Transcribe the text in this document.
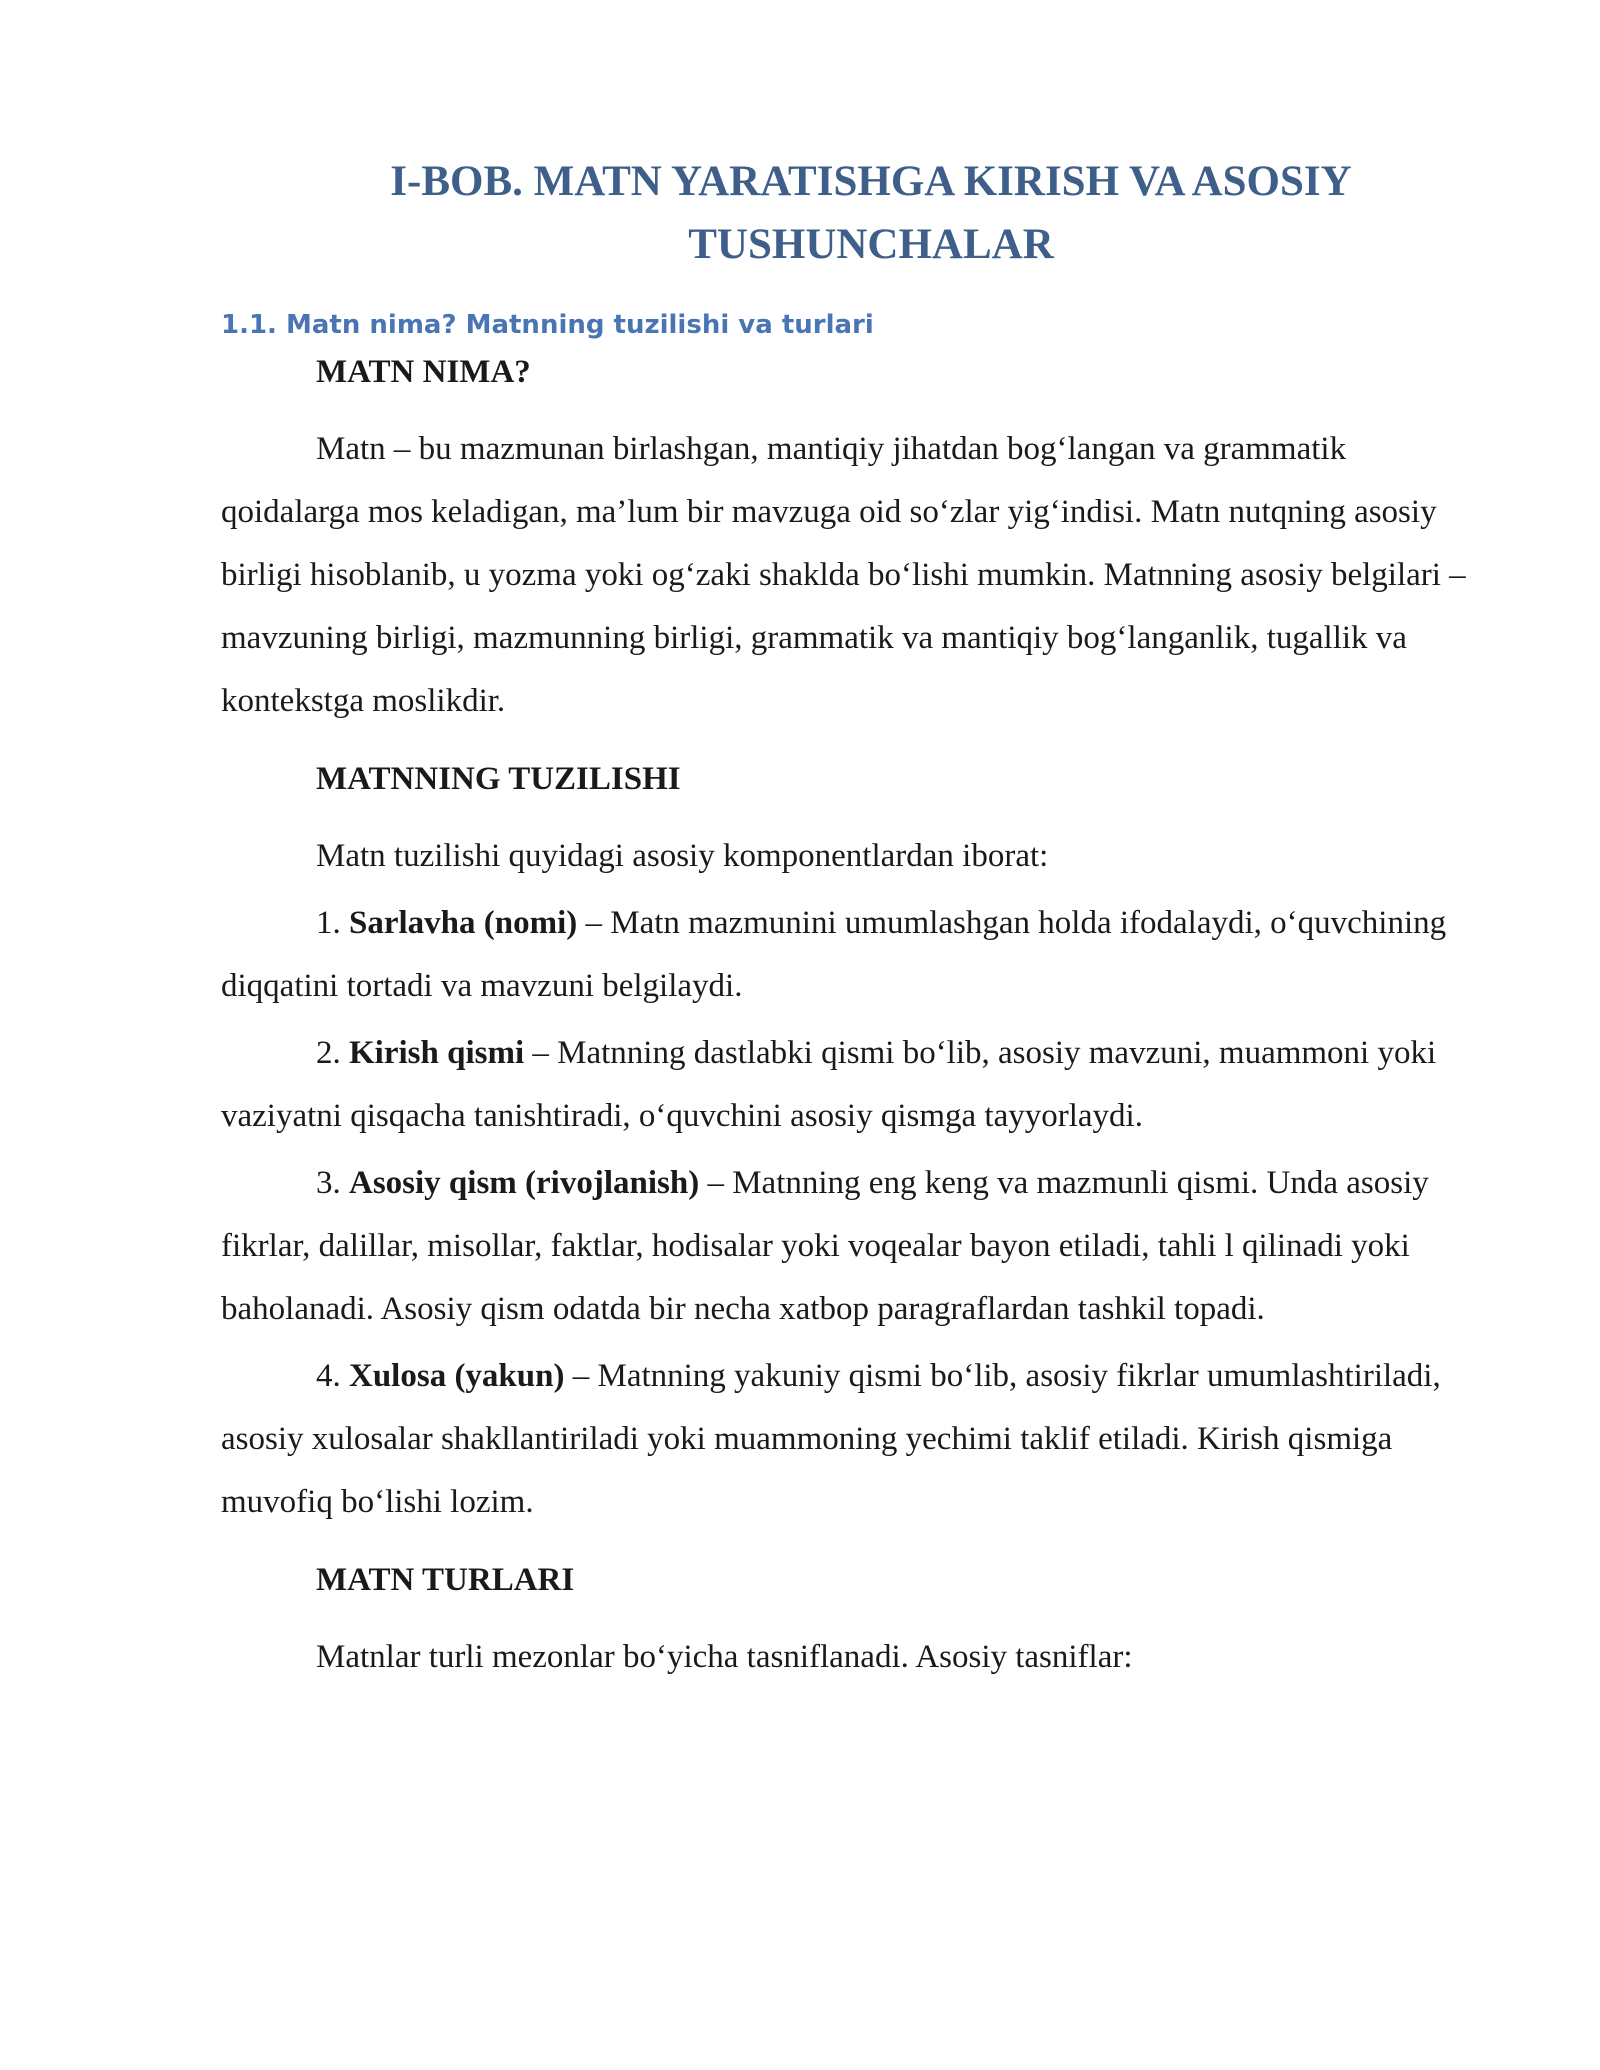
I-BOB. MATN YARATISHGA KIRISH VA ASOSIY TUSHUNCHALAR
1.1. Matn nima? Matnning tuzilishi va turlari
MATN NIMA?

Matn – bu mazmunan birlashgan, mantiqiy jihatdan bog‘langan va grammatik qoidalarga mos keladigan, ma’lum bir mavzuga oid so‘zlar yig‘indisi. Matn nutqning asosiy birligi hisoblanib, u yozma yoki og‘zaki shaklda bo‘lishi mumkin. Matnning asosiy belgilari – mavzuning birligi, mazmunning birligi, grammatik va mantiqiy bog‘langanlik, tugallik va kontekstga moslikdir.

MATNNING TUZILISHI

Matn tuzilishi quyidagi asosiy komponentlardan iborat:

1. Sarlavha (nomi) – Matn mazmunini umumlashgan holda ifodalaydi, o‘quvchining diqqatini tortadi va mavzuni belgilaydi.

2. Kirish qismi – Matnning dastlabki qismi bo‘lib, asosiy mavzuni, muammoni yoki vaziyatni qisqacha tanishtiradi, o‘quvchini asosiy qismga tayyorlaydi.

3. Asosiy qism (rivojlanish) – Matnning eng keng va mazmunli qismi. Unda asosiy fikrlar, dalillar, misollar, faktlar, hodisalar yoki voqealar bayon etiladi, tahli l qilinadi yoki baholanadi. Asosiy qism odatda bir necha xatbop paragraflardan tashkil topadi.

4. Xulosa (yakun) – Matnning yakuniy qismi bo‘lib, asosiy fikrlar umumlashtiriladi, asosiy xulosalar shakllantiriladi yoki muammoning yechimi taklif etiladi. Kirish qismiga muvofiq bo‘lishi lozim.

MATN TURLARI

Matnlar turli mezonlar bo‘yicha tasniflanadi. Asosiy tasniflar:
